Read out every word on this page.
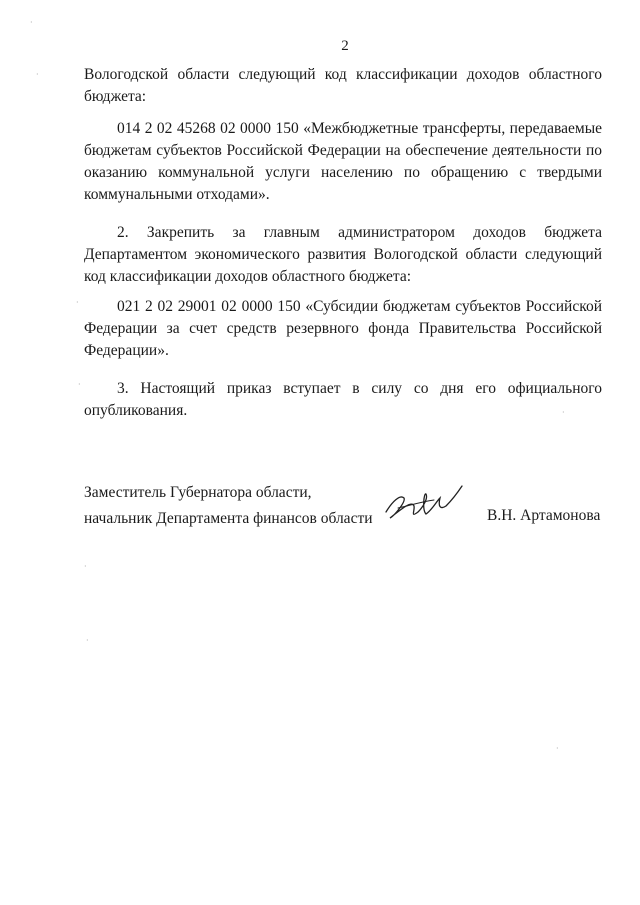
2

Вологодской области следующий код классификации доходов областного бюджета:

014 2 02 45268 02 0000 150 «Межбюджетные трансферты, передаваемые бюджетам субъектов Российской Федерации на обеспечение деятельности по оказанию коммунальной услуги населению по обращению с твердыми коммунальными отходами».

2. Закрепить за главным администратором доходов бюджета Департаментом экономического развития Вологодской области следующий код классификации доходов областного бюджета:

021 2 02 29001 02 0000 150 «Субсидии бюджетам субъектов Российской Федерации за счет средств резервного фонда Правительства Российской Федерации».

3. Настоящий приказ вступает в силу со дня его официального опубликования.

Заместитель Губернатора области,
начальник Департамента финансов области	В.Н. Артамонова
·
·
·
·
·
·
·
·
